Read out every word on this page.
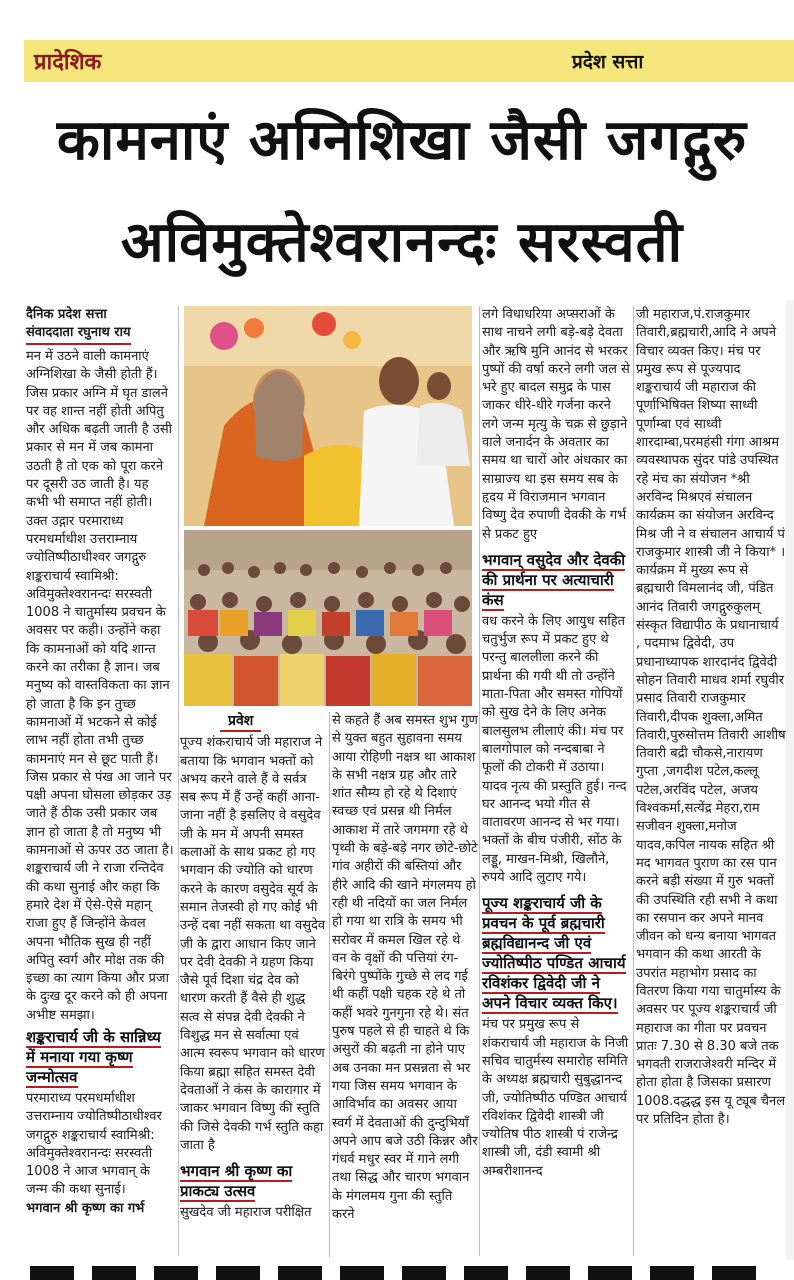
प्रादेशिक	प्रदेश सत्ता
कामनाएं अग्निशिखा जैसी जगद्गुरु
अविमुक्तेश्वरानन्दः सरस्वती
दैनिक प्रदेश सत्ता
संवाददाता रघुनाथ राय

मन में उठने वाली कामनाएं अग्निशिखा के जैसी होती हैं। जिस प्रकार अग्नि में घृत डालने पर वह शान्त नहीं होती अपितु और अधिक बढ़ती जाती है उसी प्रकार से मन में जब कामना उठती है तो एक को पूरा करने पर दूसरी उठ जाती है। यह कभी भी समाप्त नहीं होती। उक्त उद्गार परमाराध्य परमधर्माधीश उत्तराम्नाय ज्योतिष्पीठाधीश्वर जगद्गुरु शङ्कराचार्य स्वामिश्री: अविमुक्तेश्वरानन्दः सरस्वती 1008 ने चातुर्मास्य प्रवचन के अवसर पर कही। उन्होंने कहा कि कामनाओं को यदि शान्त करने का तरीका है ज्ञान। जब मनुष्य को वास्तविकता का ज्ञान हो जाता है कि इन तुच्छ कामनाओं में भटकने से कोई लाभ नहीं होता तभी तुच्छ कामनाएं मन से छूट पाती हैं। जिस प्रकार से पंख आ जाने पर पक्षी अपना घोसला छोड़कर उड़ जाते हैं ठीक उसी प्रकार जब ज्ञान हो जाता है तो मनुष्य भी कामनाओं से ऊपर उठ जाता है। शङ्कराचार्य जी ने राजा रन्तिदेव की कथा सुनाई और कहा कि हमारे देश में ऐसे-ऐसे महान् राजा हुए हैं जिन्होंने केवल अपना भौतिक सुख ही नहीं अपितु स्वर्ग और मोक्ष तक की इच्छा का त्याग किया और प्रजा के दुःख दूर करने को ही अपना अभीष्ट समझा।

शङ्कराचार्य जी के सान्निध्य में मनाया गया कृष्ण जन्मोत्सव

परमाराध्य परमधर्माधीश उत्तराम्नाय ज्योतिष्पीठाधीश्वर जगद्गुरु शङ्कराचार्य स्वामिश्री: अविमुक्तेश्वरानन्दः सरस्वती 1008 ने आज भगवान् के जन्म की कथा सुनाई।

भगवान श्री कृष्ण का गर्भ

प्रवेश

पूज्य शंकराचार्य जी महाराज ने बताया कि भगवान भक्तों को अभय करने वाले हैं वे सर्वत्र सब रूप में हैं उन्हें कहीं आना-जाना नहीं है इसलिए वे वसुदेव जी के मन में अपनी समस्त कलाओं के साथ प्रकट हो गए भगवान की ज्योति को धारण करने के कारण वसुदेव सूर्य के समान तेजस्वी हो गए कोई भी उन्हें दबा नहीं सकता था वसुदेव जी के द्वारा आधान किए जाने पर देवी देवकी ने ग्रहण किया जैसे पूर्व दिशा चंद्र देव को धारण करती हैं वैसे ही शुद्ध सत्व से संपन्न देवी देवकी ने विशुद्ध मन से सर्वात्मा एवं आत्म स्वरूप भगवान को धारण किया ब्रह्मा सहित समस्त देवी देवताओं ने कंस के कारागार में जाकर भगवान विष्णु की स्तुति की जिसे देवकी गर्भ स्तुति कहा जाता है

भगवान श्री कृष्ण का प्राकट्य उत्सव

सुखदेव जी महाराज परीक्षित

से कहते हैं अब समस्त शुभ गुण से युक्त बहुत सुहावना समय आया रोहिणी नक्षत्र था आकाश के सभी नक्षत्र ग्रह और तारे शांत सौम्य हो रहे थे दिशाएं स्वच्छ एवं प्रसन्न थी निर्मल आकाश में तारे जगमगा रहे थे पृथ्वी के बड़े-बड़े नगर छोटे-छोटे गांव अहीरों की बस्तियां और हीरे आदि की खाने मंगलमय हो रही थी नदियों का जल निर्मल हो गया था रात्रि के समय भी सरोवर में कमल खिल रहे थे वन के वृक्षों की पत्तियां रंग-बिरंगे पुष्पोंके गुच्छे से लद गई थी कहीं पक्षी चहक रहे थे तो कहीं भवरे गुनगुना रहे थे। संत पुरुष पहले से ही चाहते थे कि असुरों की बढ़ती ना होने पाए अब उनका मन प्रसन्नता से भर गया जिस समय भगवान के आविर्भाव का अवसर आया स्वर्ग में देवताओं की दुन्दुभियाँ अपने आप बजे उठी किन्नर और गंधर्व मधुर स्वर में गाने लगी तथा सिद्ध और चारण भगवान के मंगलमय गुना की स्तुति करने

लगे विधाधरिया अप्सराओं के साथ नाचने लगी बड़े-बड़े देवता और ऋषि मुनि आनंद से भरकर पुष्पों की वर्षा करने लगी जल से भरे हुए बादल समुद्र के पास जाकर धीरे-धीरे गर्जना करने लगे जन्म मृत्यु के चक्र से छुड़ाने वाले जनार्दन के अवतार का समय था चारों ओर अंधकार का साम्राज्य था इस समय सब के हृदय में विराजमान भगवान विष्णु देव रुपाणी देवकी के गर्भ से प्रकट हुए

भगवान् वसुदेव और देवकी की प्रार्थना पर अत्याचारी कंस

वध करने के लिए आयुध सहित चतुर्भुज रूप में प्रकट हुए थे परन्तु बाललीला करने की प्रार्थना की गयी थी तो उन्होंने माता-पिता और समस्त गोपियों को सुख देने के लिए अनेक बालसुलभ लीलाएं की। मंच पर बालगोपाल को नन्दबाबा ने फूलों की टोकरी में उठाया। यादव नृत्य की प्रस्तुति हुई। नन्द घर आनन्द भयो गीत से वातावरण आनन्द से भर गया। भक्तों के बीच पंजीरी, सोंठ के लड्डू, माखन-मिश्री, खिलौने, रुपये आदि लुटाए गये।

पूज्य शङ्कराचार्य जी के प्रवचन के पूर्व ब्रह्मचारी ब्रह्मविद्यानन्द जी एवं ज्योतिष्पीठ पण्डित आचार्य रविशंकर द्विवेदी जी ने अपने विचार व्यक्त किए।

मंच पर प्रमुख रूप से शंकराचार्य जी महाराज के निजी सचिव चातुर्मस्य समारोह समिति के अध्यक्ष ब्रह्मचारी सुबुद्धानन्द जी, ज्योतिष्पीठ पण्डित आचार्य रविशंकर द्विवेदी शास्त्री जी ज्योतिष पीठ शास्त्री पं राजेन्द्र शास्त्री जी, दंडी स्वामी श्री अम्बरीशानन्द

जी महाराज,पं.राजकुमार तिवारी,ब्रह्मचारी,आदि ने अपने विचार व्यक्त किए। मंच पर प्रमुख रूप से पूज्यपाद शङ्कराचार्य जी महाराज की पूर्णाभिषिक्त शिष्या साध्वी पूर्णाम्बा एवं साध्वी शारदाम्बा,परमहंसी गंगा आश्रम व्यवस्थापक सुंदर पांडे उपस्थित रहे मंच का संयोजन *श्री अरविन्द मिश्रएवं संचालन कार्यक्रम का संयोजन अरविन्द मिश्र जी ने व संचालन आचार्य पं राजकुमार शास्त्री जी ने किया* । कार्यक्रम में मुख्य रूप से ब्रह्मचारी विमलानंद जी, पंडित आनंद तिवारी जगद्गुरुकुलम् संस्कृत विद्यापीठ के प्रधानाचार्य , पदमाभ द्विवेदी, उप प्रधानाध्यापक शारदानंद द्विवेदी सोहन तिवारी माधव शर्मा रघुवीर प्रसाद तिवारी राजकुमार तिवारी,दीपक शुक्ला,अमित तिवारी,पुरुसोत्तम तिवारी आशीष तिवारी बद्री चौकसे,नारायण गुप्ता ,जगदीश पटेल,कल्लू पटेल,अरविंद पटेल, अजय विश्वकर्मा,सत्येंद्र मेहरा,राम सजीवन शुक्ला,मनोज यादव,कपिल नायक सहित श्री मद भागवत पुराण का रस पान करने बड़ी संख्या में गुरु भक्तों की उपस्थिति रही सभी ने कथा का रसपान कर अपने मानव जीवन को धन्य बनाया भागवत भगवान की कथा आरती के उपरांत महाभोग प्रसाद का वितरण किया गया चातुर्मास्य के अवसर पर पूज्य शङ्कराचार्य जी महाराज का गीता पर प्रवचन प्रातः 7.30 से 8.30 बजे तक भगवती राजराजेश्वरी मन्दिर में होता होता है जिसका प्रसारण 1008.दद्धद्ध इस यू ट्यूब चैनल पर प्रतिदिन होता है।
